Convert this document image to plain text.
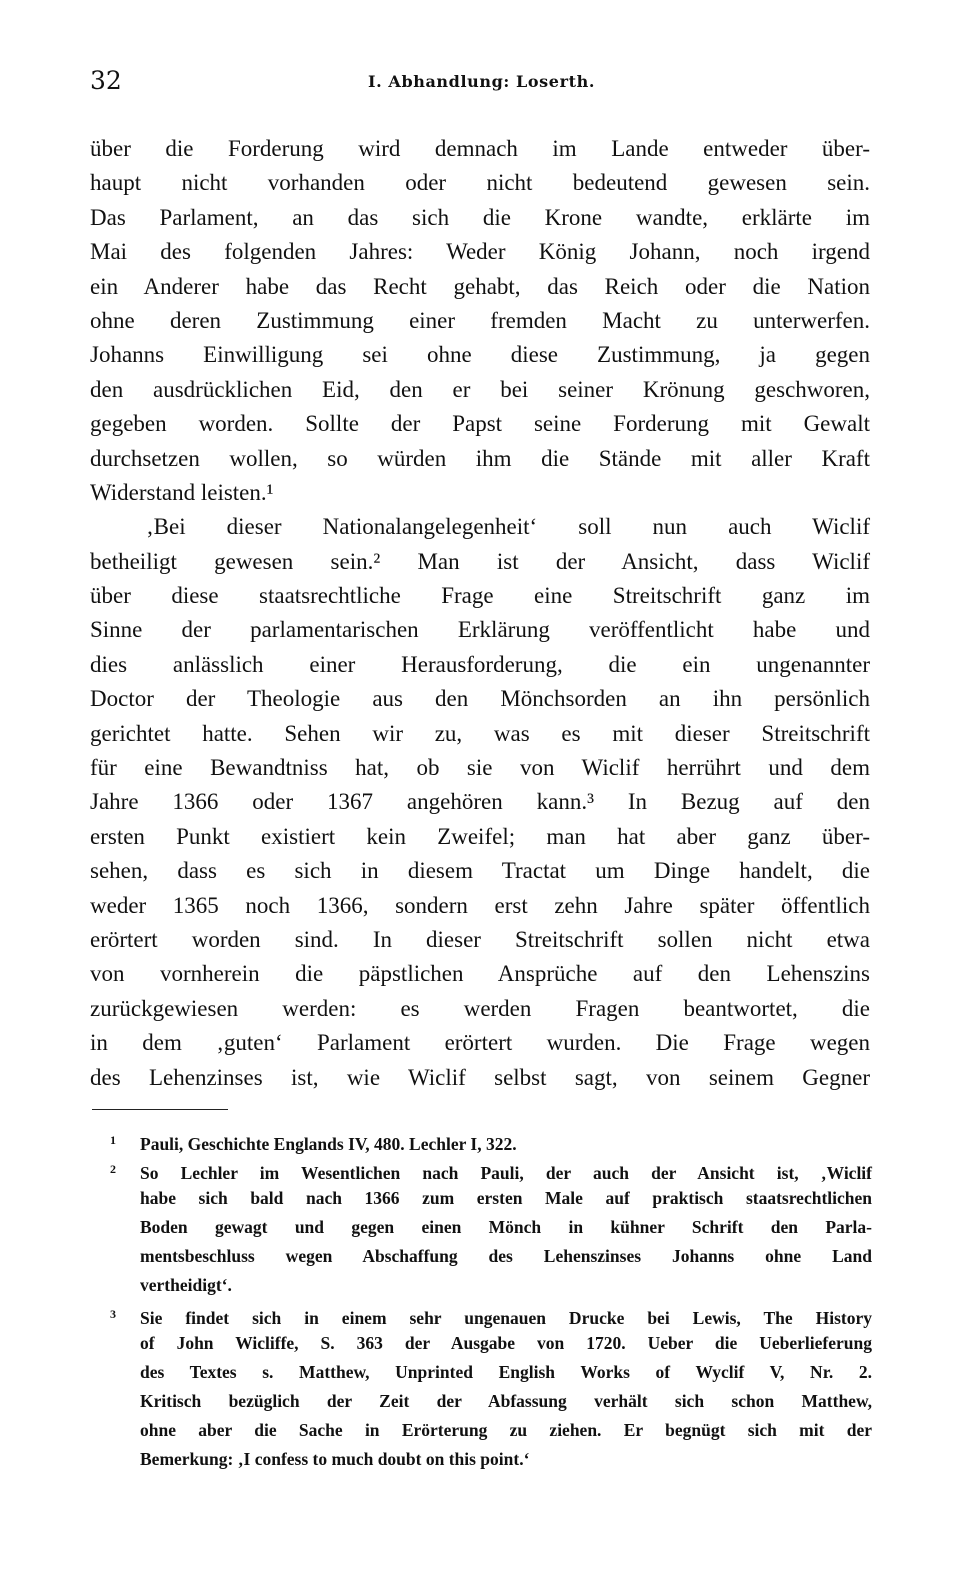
32	I. Abhandlung: Loserth.
über die Forderung wird demnach im Lande entweder über-
haupt nicht vorhanden oder nicht bedeutend gewesen sein.
Das Parlament, an das sich die Krone wandte, erklärte im
Mai des folgenden Jahres: Weder König Johann, noch irgend
ein Anderer habe das Recht gehabt, das Reich oder die Nation
ohne deren Zustimmung einer fremden Macht zu unterwerfen.
Johanns Einwilligung sei ohne diese Zustimmung, ja gegen
den ausdrücklichen Eid, den er bei seiner Krönung geschworen,
gegeben worden. Sollte der Papst seine Forderung mit Gewalt
durchsetzen wollen, so würden ihm die Stände mit aller Kraft
Widerstand leisten.¹
‚Bei dieser Nationalangelegenheit‘ soll nun auch Wiclif
betheiligt gewesen sein.² Man ist der Ansicht, dass Wiclif
über diese staatsrechtliche Frage eine Streitschrift ganz im
Sinne der parlamentarischen Erklärung veröffentlicht habe und
dies anlässlich einer Herausforderung, die ein ungenannter
Doctor der Theologie aus den Mönchsorden an ihn persönlich
gerichtet hatte. Sehen wir zu, was es mit dieser Streitschrift
für eine Bewandtniss hat, ob sie von Wiclif herrührt und dem
Jahre 1366 oder 1367 angehören kann.³ In Bezug auf den
ersten Punkt existiert kein Zweifel; man hat aber ganz über-
sehen, dass es sich in diesem Tractat um Dinge handelt, die
weder 1365 noch 1366, sondern erst zehn Jahre später öffentlich
erörtert worden sind. In dieser Streitschrift sollen nicht etwa
von vornherein die päpstlichen Ansprüche auf den Lehenszins
zurückgewiesen werden: es werden Fragen beantwortet, die
in dem ‚guten‘ Parlament erörtert wurden. Die Frage wegen
des Lehenzinses ist, wie Wiclif selbst sagt, von seinem Gegner
1 Pauli, Geschichte Englands IV, 480. Lechler I, 322.
2 So Lechler im Wesentlichen nach Pauli, der auch der Ansicht ist, ‚Wiclif
habe sich bald nach 1366 zum ersten Male auf praktisch staatsrechtlichen
Boden gewagt und gegen einen Mönch in kühner Schrift den Parla-
mentsbeschluss wegen Abschaffung des Lehenszinses Johanns ohne Land
vertheidigt‘.
3 Sie findet sich in einem sehr ungenauen Drucke bei Lewis, The History
of John Wicliffe, S. 363 der Ausgabe von 1720. Ueber die Ueberlieferung
des Textes s. Matthew, Unprinted English Works of Wyclif V, Nr. 2.
Kritisch bezüglich der Zeit der Abfassung verhält sich schon Matthew,
ohne aber die Sache in Erörterung zu ziehen. Er begnügt sich mit der
Bemerkung: ‚I confess to much doubt on this point.‘
